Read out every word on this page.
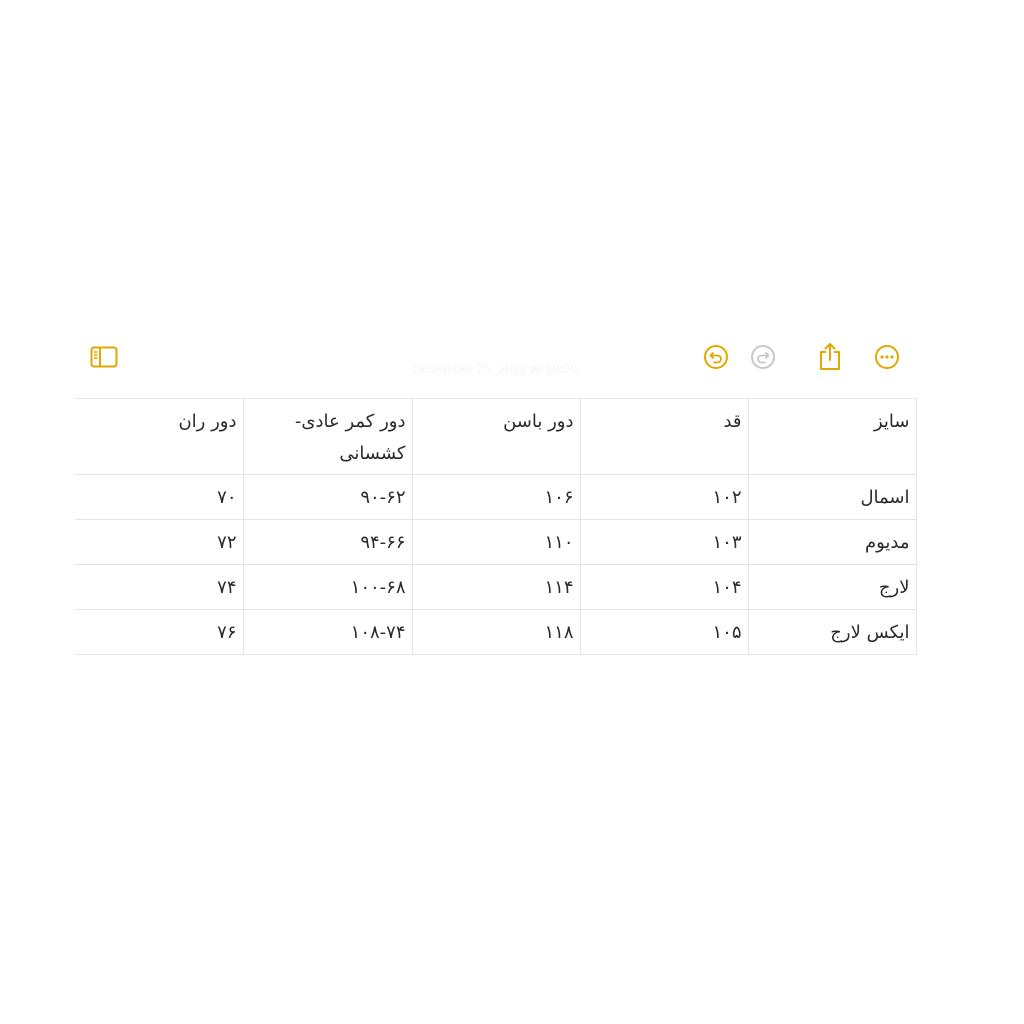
December 25, 2023 at 10:00
سایز	قد	دور باسن	دور کمر عادی-کشسانی	دور ران
اسمال	۱۰۲	۱۰۶	۹۰-۶۲	۷۰
مدیوم	۱۰۳	۱۱۰	۹۴-۶۶	۷۲
لارج	۱۰۴	۱۱۴	۱۰۰-۶۸	۷۴
ایکس لارج	۱۰۵	۱۱۸	۱۰۸-۷۴	۷۶
